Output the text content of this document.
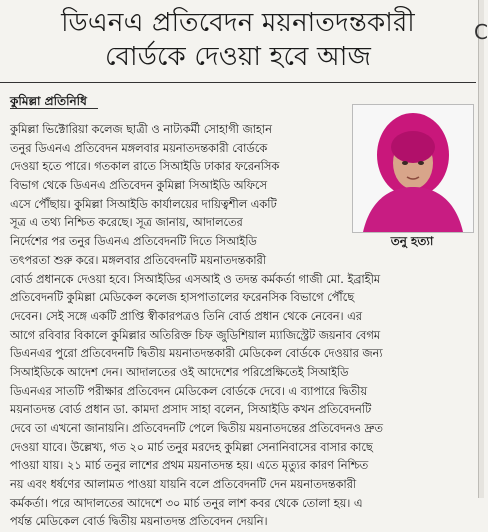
ডিএনএ প্রতিবেদন ময়নাতদন্তকারী
বোর্ডকে দেওয়া হবে আজ
কুমিল্লা প্রতিনিধি
তনু হত্যা
কুমিল্লা ভিক্টোরিয়া কলেজ ছাত্রী ও নাট্যকর্মী সোহাগী জাহান
তনুর ডিএনএ প্রতিবেদন মঙ্গলবার ময়নাতদন্তকারী বোর্ডকে
দেওয়া হতে পারে। গতকাল রাতে সিআইডি ঢাকার ফরেনসিক
বিভাগ থেকে ডিএনএ প্রতিবেদন কুমিল্লা সিআইডি অফিসে
এসে পৌঁছায়। কুমিল্লা সিআইডি কার্যালয়ের দায়িত্বশীল একটি
সূত্র এ তথ্য নিশ্চিত করেছে। সূত্র জানায়, আদালতের
নির্দেশের পর তনুর ডিএনএ প্রতিবেদনটি দিতে সিআইডি
তৎপরতা শুরু করে। মঙ্গলবার প্রতিবেদনটি ময়নাতদন্তকারী
বোর্ড প্রধানকে দেওয়া হবে। সিআইডির এসআই ও তদন্ত কর্মকর্তা গাজী মো. ইব্রাহীম
প্রতিবেদনটি কুমিল্লা মেডিকেল কলেজ হাসপাতালের ফরেনসিক বিভাগে পৌঁছে
দেবেন। সেই সঙ্গে একটি প্রাপ্তি স্বীকারপত্রও তিনি বোর্ড প্রধান থেকে নেবেন। এর
আগে রবিবার বিকালে কুমিল্লার অতিরিক্ত চিফ জুডিশিয়াল ম্যাজিস্ট্রেট জয়নাব বেগম
ডিএনএর পুরো প্রতিবেদনটি দ্বিতীয় ময়নাতদন্তকারী মেডিকেল বোর্ডকে দেওয়ার জন্য
সিআইডিকে আদেশ দেন। আদালতের ওই আদেশের পরিপ্রেক্ষিতেই সিআইডি
ডিএনএর সাতটি পরীক্ষার প্রতিবেদন মেডিকেল বোর্ডকে দেবে। এ ব্যাপারে দ্বিতীয়
ময়নাতদন্ত বোর্ড প্রধান ডা. কামদা প্রসাদ সাহা বলেন, সিআইডি কখন প্রতিবেদনটি
দেবে তা এখনো জানায়নি। প্রতিবেদনটি পেলে দ্বিতীয় ময়নাতদন্তের প্রতিবেদনও দ্রুত
দেওয়া যাবে। উল্লেখ্য, গত ২০ মার্চ তনুর মরদেহ কুমিল্লা সেনানিবাসের বাসার কাছে
পাওয়া যায়। ২১ মার্চ তনুর লাশের প্রথম ময়নাতদন্ত হয়। এতে মৃত্যুর কারণ নিশ্চিত
নয় এবং ধর্ষণের আলামত পাওয়া যায়নি বলে প্রতিবেদনটি দেন ময়নাতদন্তকারী
কর্মকর্তা। পরে আদালতের আদেশে ৩০ মার্চ তনুর লাশ কবর থেকে তোলা হয়। এ
পর্যন্ত মেডিকেল বোর্ড দ্বিতীয় ময়নাতদন্ত প্রতিবেদন দেয়নি।
C
